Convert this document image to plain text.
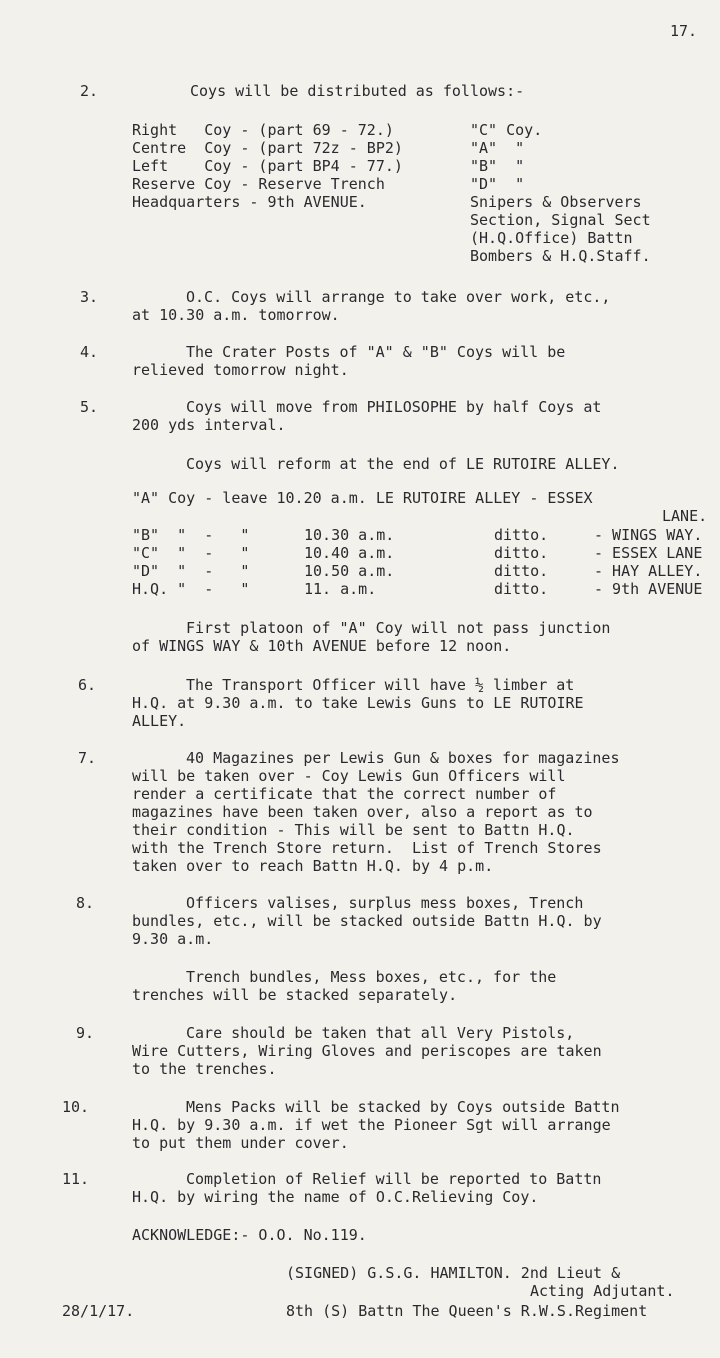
17.
2.	Coys will be distributed as follows:-
Right   Coy - (part 69 - 72.)	"C" Coy.
Centre  Coy - (part 72z - BP2)	"A"  "
Left    Coy - (part BP4 - 77.)	"B"  "
Reserve Coy - Reserve Trench	"D"  "
Headquarters - 9th AVENUE.	Snipers & Observers
Section, Signal Sect
(H.Q.Office) Battn
Bombers & H.Q.Staff.
3.	O.C. Coys will arrange to take over work, etc.,
at 10.30 a.m. tomorrow.
4.	The Crater Posts of "A" & "B" Coys will be
relieved tomorrow night.
5.	Coys will move from PHILOSOPHE by half Coys at
200 yds interval.
Coys will reform at the end of LE RUTOIRE ALLEY.
"A" Coy - leave 10.20 a.m. LE RUTOIRE ALLEY - ESSEX
LANE.
"B"  "  -   "	10.30 a.m.	ditto.	- WINGS WAY.
"C"  "  -   "	10.40 a.m.	ditto.	- ESSEX LANE
"D"  "  -   "	10.50 a.m.	ditto.	- HAY ALLEY.
H.Q. "  -   "	11. a.m.	ditto.	- 9th AVENUE
First platoon of "A" Coy will not pass junction
of WINGS WAY & 10th AVENUE before 12 noon.
6.	The Transport Officer will have ½ limber at
H.Q. at 9.30 a.m. to take Lewis Guns to LE RUTOIRE
ALLEY.
7.	40 Magazines per Lewis Gun & boxes for magazines
will be taken over - Coy Lewis Gun Officers will
render a certificate that the correct number of
magazines have been taken over, also a report as to
their condition - This will be sent to Battn H.Q.
with the Trench Store return.  List of Trench Stores
taken over to reach Battn H.Q. by 4 p.m.
8.	Officers valises, surplus mess boxes, Trench
bundles, etc., will be stacked outside Battn H.Q. by
9.30 a.m.
Trench bundles, Mess boxes, etc., for the
trenches will be stacked separately.
9.	Care should be taken that all Very Pistols,
Wire Cutters, Wiring Gloves and periscopes are taken
to the trenches.
10.	Mens Packs will be stacked by Coys outside Battn
H.Q. by 9.30 a.m. if wet the Pioneer Sgt will arrange
to put them under cover.
11.	Completion of Relief will be reported to Battn
H.Q. by wiring the name of O.C.Relieving Coy.
ACKNOWLEDGE:- O.O. No.119.
(SIGNED) G.S.G. HAMILTON. 2nd Lieut &
Acting Adjutant.
28/1/17.	8th (S) Battn The Queen's R.W.S.Regiment
